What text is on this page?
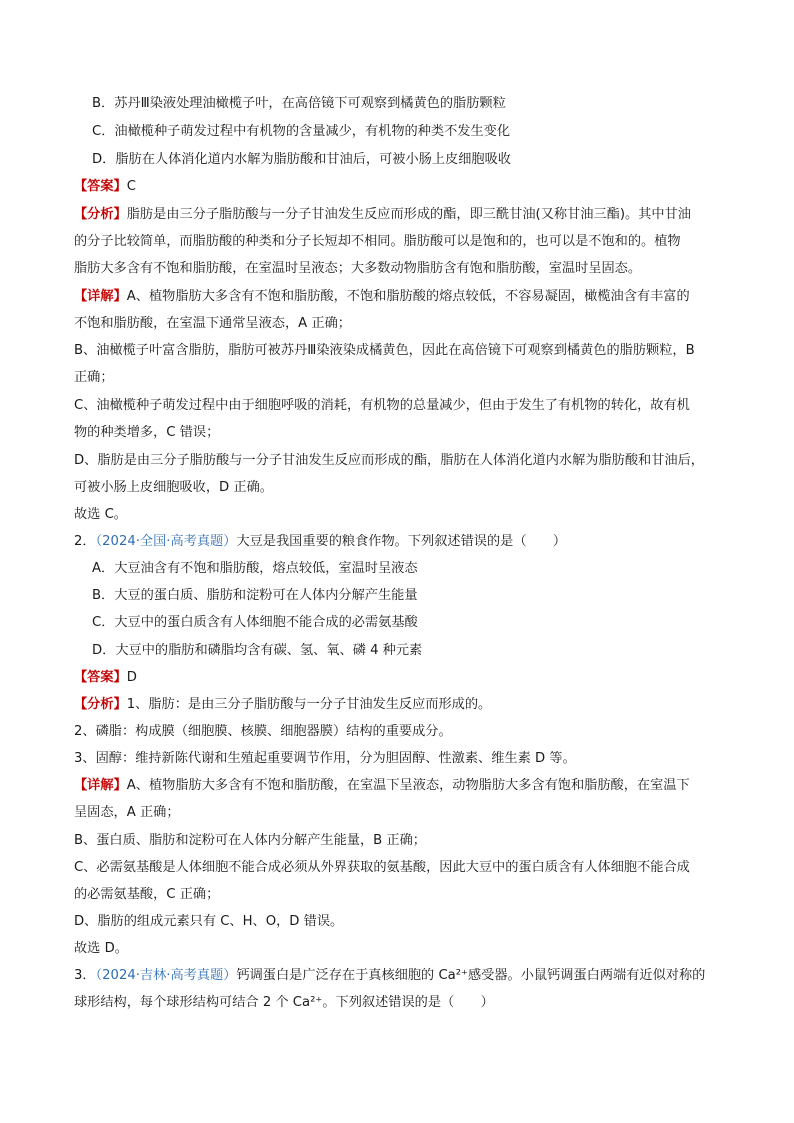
B．苏丹Ⅲ染液处理油橄榄子叶，在高倍镜下可观察到橘黄色的脂肪颗粒
C．油橄榄种子萌发过程中有机物的含量减少，有机物的种类不发生变化
D．脂肪在人体消化道内水解为脂肪酸和甘油后，可被小肠上皮细胞吸收
【答案】C
【分析】脂肪是由三分子脂肪酸与一分子甘油发生反应而形成的酯，即三酰甘油(又称甘油三酯)。其中甘油
的分子比较简单，而脂肪酸的种类和分子长短却不相同。脂肪酸可以是饱和的，也可以是不饱和的。植物
脂肪大多含有不饱和脂肪酸，在室温时呈液态；大多数动物脂肪含有饱和脂肪酸，室温时呈固态。
【详解】A、植物脂肪大多含有不饱和脂肪酸，不饱和脂肪酸的熔点较低，不容易凝固，橄榄油含有丰富的
不饱和脂肪酸，在室温下通常呈液态，A 正确；
B、油橄榄子叶富含脂肪，脂肪可被苏丹Ⅲ染液染成橘黄色，因此在高倍镜下可观察到橘黄色的脂肪颗粒，B
正确；
C、油橄榄种子萌发过程中由于细胞呼吸的消耗，有机物的总量减少，但由于发生了有机物的转化，故有机
物的种类增多，C 错误；
D、脂肪是由三分子脂肪酸与一分子甘油发生反应而形成的酯，脂肪在人体消化道内水解为脂肪酸和甘油后，
可被小肠上皮细胞吸收，D 正确。
故选 C。
2．（2024·全国·高考真题）大豆是我国重要的粮食作物。下列叙述错误的是（　　）
A．大豆油含有不饱和脂肪酸，熔点较低，室温时呈液态
B．大豆的蛋白质、脂肪和淀粉可在人体内分解产生能量
C．大豆中的蛋白质含有人体细胞不能合成的必需氨基酸
D．大豆中的脂肪和磷脂均含有碳、氢、氧、磷 4 种元素
【答案】D
【分析】1、脂肪：是由三分子脂肪酸与一分子甘油发生反应而形成的。
2、磷脂：构成膜（细胞膜、核膜、细胞器膜）结构的重要成分。
3、固醇：维持新陈代谢和生殖起重要调节作用，分为胆固醇、性激素、维生素 D 等。
【详解】A、植物脂肪大多含有不饱和脂肪酸，在室温下呈液态，动物脂肪大多含有饱和脂肪酸，在室温下
呈固态，A 正确；
B、蛋白质、脂肪和淀粉可在人体内分解产生能量，B 正确；
C、必需氨基酸是人体细胞不能合成必须从外界获取的氨基酸，因此大豆中的蛋白质含有人体细胞不能合成
的必需氨基酸，C 正确；
D、脂肪的组成元素只有 C、H、O，D 错误。
故选 D。
3．（2024·吉林·高考真题）钙调蛋白是广泛存在于真核细胞的 Ca²⁺感受器。小鼠钙调蛋白两端有近似对称的
球形结构，每个球形结构可结合 2 个 Ca²⁺。下列叙述错误的是（　　）
